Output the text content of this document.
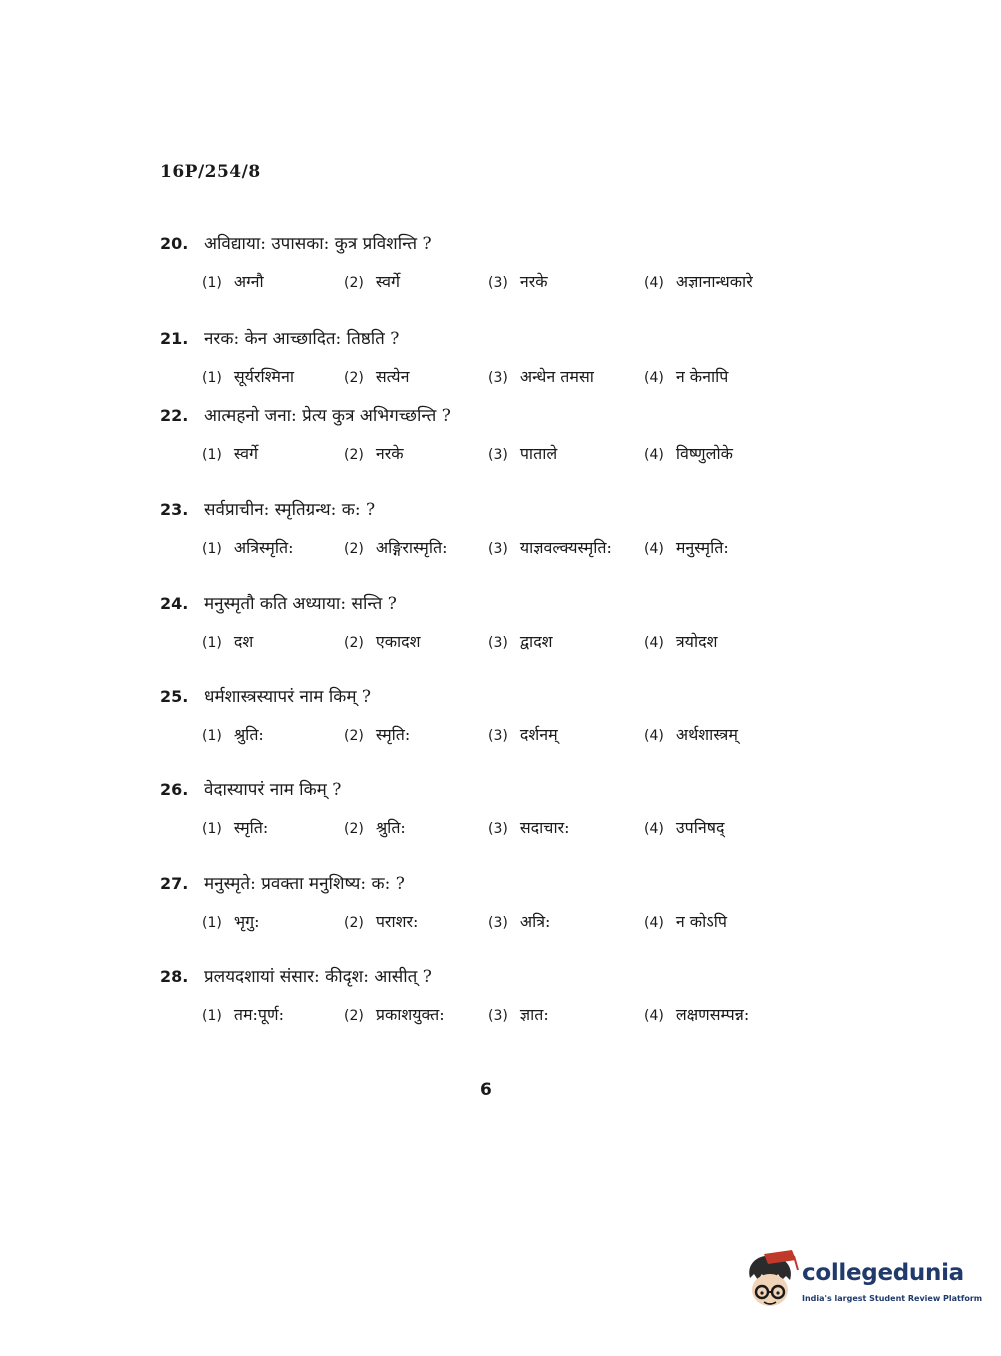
16P/254/8
20. अविद्याया: उपासका: कुत्र प्रविशन्ति ?
(1) अग्नौ	(2) स्वर्गे	(3) नरके	(4) अज्ञानान्धकारे
21. नरक: केन आच्छादित: तिष्ठति ?
(1) सूर्यरश्मिना	(2) सत्येन	(3) अन्धेन तमसा	(4) न केनापि
22. आत्महनो जना: प्रेत्य कुत्र अभिगच्छन्ति ?
(1) स्वर्गे	(2) नरके	(3) पाताले	(4) विष्णुलोके
23. सर्वप्राचीन: स्मृतिग्रन्थ: क: ?
(1) अत्रिस्मृति:	(2) अङ्गिरास्मृति:	(3) याज्ञवल्क्यस्मृति: (4) मनुस्मृति:
24. मनुस्मृतौ कति अध्याया: सन्ति ?
(1) दश	(2) एकादश	(3) द्वादश	(4) त्रयोदश
25. धर्मशास्त्रस्यापरं नाम किम् ?
(1) श्रुति:	(2) स्मृति:	(3) दर्शनम्	(4) अर्थशास्त्रम्
26. वेदास्यापरं नाम किम् ?
(1) स्मृति:	(2) श्रुति:	(3) सदाचार:	(4) उपनिषद्
27. मनुस्मृते: प्रवक्ता मनुशिष्य: क: ?
(1) भृगु:	(2) पराशर:	(3) अत्रि:	(4) न कोऽपि
28. प्रलयदशायां संसार: कीदृश: आसीत् ?
(1) तम:पूर्ण:	(2) प्रकाशयुक्त:	(3) ज्ञात:	(4) लक्षणसम्पन्न:
6
collegedunia
India's largest Student Review Platform
